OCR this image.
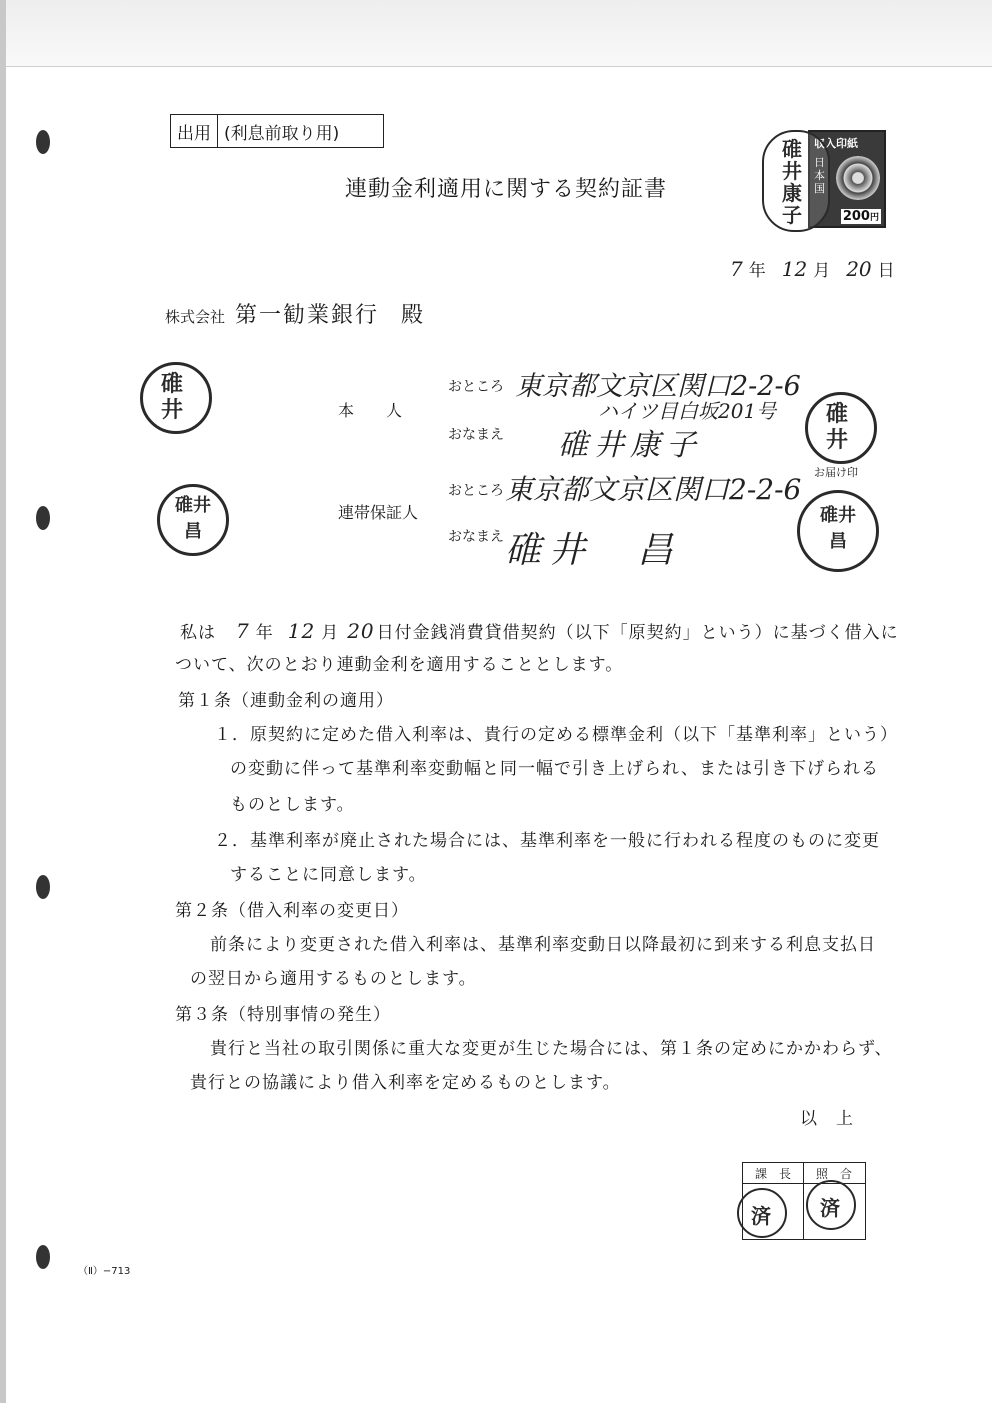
出用 (利息前取り用)
連動金利適用に関する契約証書
収入印紙
日本国
200円
碓井康子
7 年 12 月 20 日
株式会社 第一勧業銀行 殿
碓井
碓井昌
本　　人
連帯保証人
おところ 東京都文京区関口2-2-6
ハイツ目白坂201号
おなまえ 碓井康子
おところ 東京都文京区関口2-2-6
おなまえ 碓井　昌
碓井
お届け印
碓井昌
私は 7 年 12 月 20 日付金銭消費貸借契約（以下「原契約」という）に基づく借入に
ついて、次のとおり連動金利を適用することとします。
第１条（連動金利の適用）
１．原契約に定めた借入利率は、貴行の定める標準金利（以下「基準利率」という）
の変動に伴って基準利率変動幅と同一幅で引き上げられ、または引き下げられる
ものとします。
２．基準利率が廃止された場合には、基準利率を一般に行われる程度のものに変更
することに同意します。
第２条（借入利率の変更日）
前条により変更された借入利率は、基準利率変動日以降最初に到来する利息支払日
の翌日から適用するものとします。
第３条（特別事情の発生）
貴行と当社の取引関係に重大な変更が生じた場合には、第１条の定めにかかわらず、
貴行との協議により借入利率を定めるものとします。
以　上
課　長	照　合
済 済
（Ⅱ）−713
